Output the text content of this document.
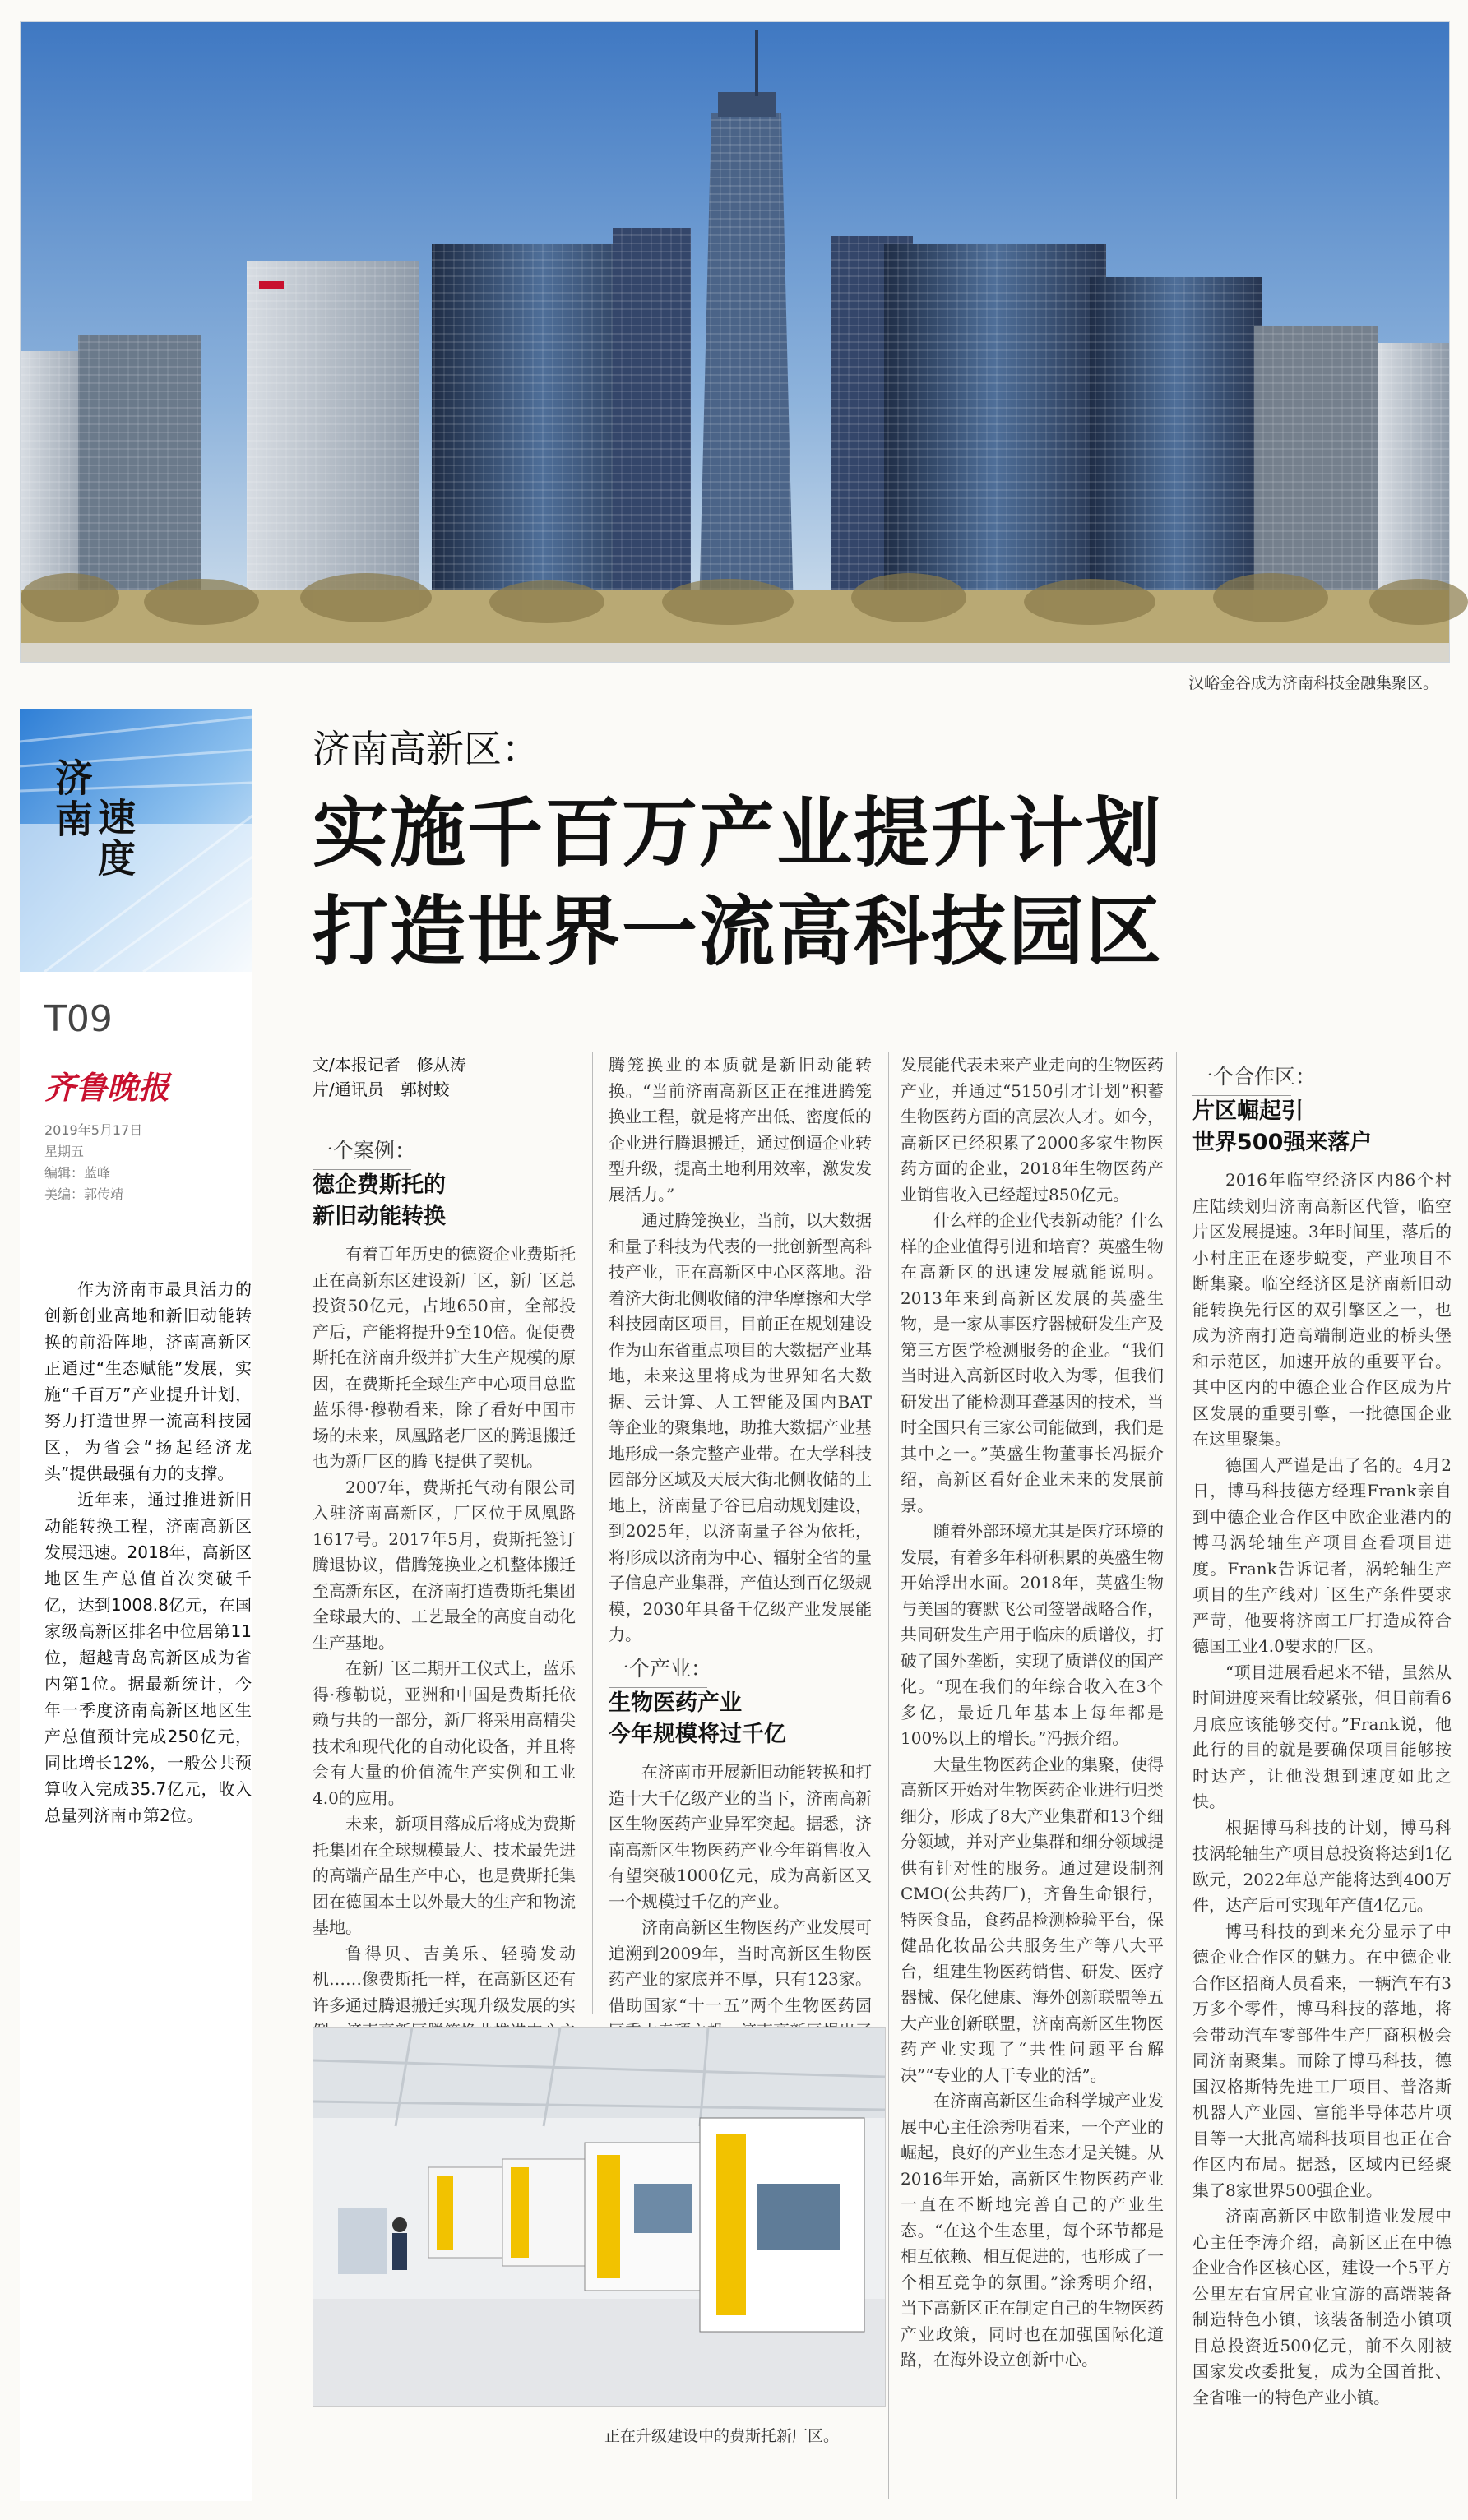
汉峪金谷成为济南科技金融集聚区。
济南
速度
T09
齐鲁晚报
2019年5月17日
星期五
编辑：蓝峰
美编：郭传靖

作为济南市最具活力的创新创业高地和新旧动能转换的前沿阵地，济南高新区正通过“生态赋能”发展，实施“千百万”产业提升计划，努力打造世界一流高科技园区，为省会“扬起经济龙头”提供最强有力的支撑。

近年来，通过推进新旧动能转换工程，济南高新区发展迅速。2018年，高新区地区生产总值首次突破千亿，达到1008.8亿元，在国家级高新区排名中位居第11位，超越青岛高新区成为省内第1位。据最新统计，今年一季度济南高新区地区生产总值预计完成250亿元，同比增长12%，一般公共预算收入完成35.7亿元，收入总量列济南市第2位。

济南高新区：
实施千百万产业提升计划
打造世界一流高科技园区
文/本报记者　修从涛
片/通讯员　郭树蛟
一个案例：
德企费斯托的
新旧动能转换

有着百年历史的德资企业费斯托正在高新东区建设新厂区，新厂区总投资50亿元，占地650亩，全部投产后，产能将提升9至10倍。促使费斯托在济南升级并扩大生产规模的原因，在费斯托全球生产中心项目总监蓝乐得·穆勒看来，除了看好中国市场的未来，凤凰路老厂区的腾退搬迁也为新厂区的腾飞提供了契机。

2007年，费斯托气动有限公司入驻济南高新区，厂区位于凤凰路1617号。2017年5月，费斯托签订腾退协议，借腾笼换业之机整体搬迁至高新东区，在济南打造费斯托集团全球最大的、工艺最全的高度自动化生产基地。

在新厂区二期开工仪式上，蓝乐得·穆勒说，亚洲和中国是费斯托依赖与共的一部分，新厂将采用高精尖技术和现代化的自动化设备，并且将会有大量的价值流生产实例和工业4.0的应用。

未来，新项目落成后将成为费斯托集团在全球规模最大、技术最先进的高端产品生产中心，也是费斯托集团在德国本土以外最大的生产和物流基地。

鲁得贝、吉美乐、轻骑发动机……像费斯托一样，在高新区还有许多通过腾退搬迁实现升级发展的实

腾笼换业的本质就是新旧动能转换。“当前济南高新区正在推进腾笼换业工程，就是将产出低、密度低的企业进行腾退搬迁，通过倒逼企业转型升级，提高土地利用效率，激发发展活力。”

通过腾笼换业，当前，以大数据和量子科技为代表的一批创新型高科技产业，正在高新区中心区落地。沿着济大街北侧收储的津华摩擦和大学科技园南区项目，目前正在规划建设作为山东省重点项目的大数据产业基地，未来这里将成为世界知名大数据、云计算、人工智能及国内BAT等企业的聚集地，助推大数据产业基地形成一条完整产业带。在大学科技园部分区域及天辰大街北侧收储的土地上，济南量子谷已启动规划建设，到2025年，以济南量子谷为依托，将形成以济南为中心、辐射全省的量子信息产业集群，产值达到百亿级规模，2030年具备千亿级产业发展能力。

一个产业：
生物医药产业
今年规模将过千亿

在济南市开展新旧动能转换和打造十大千亿级产业的当下，济南高新区生物医药产业异军突起。据悉，济南高新区生物医药产业今年销售收入有望突破1000亿元，成为高新区又一个规模过千亿的产业。

济南高新区生物医药产业发展可追溯到2009年，当时高新区生物医药产业的家底并不厚，只有123家。借助国家“十一五”两个生物医药园

发展能代表未来产业走向的生物医药产业，并通过“5150引才计划”积蓄生物医药方面的高层次人才。如今，高新区已经积累了2000多家生物医药方面的企业，2018年生物医药产业销售收入已经超过850亿元。

什么样的企业代表新动能？什么样的企业值得引进和培育？英盛生物在高新区的迅速发展就能说明。2013年来到高新区发展的英盛生物，是一家从事医疗器械研发生产及第三方医学检测服务的企业。“我们当时进入高新区时收入为零，但我们研发出了能检测耳聋基因的技术，当时全国只有三家公司能做到，我们是其中之一。”英盛生物董事长冯振介绍，高新区看好企业未来的发展前景。

随着外部环境尤其是医疗环境的发展，有着多年科研积累的英盛生物开始浮出水面。2018年，英盛生物与美国的赛默飞公司签署战略合作，共同研发生产用于临床的质谱仪，打破了国外垄断，实现了质谱仪的国产化。“现在我们的年综合收入在3个多亿，最近几年基本上每年都是100%以上的增长。”冯振介绍。

大量生物医药企业的集聚，使得高新区开始对生物医药企业进行归类细分，形成了8大产业集群和13个细分领域，并对产业集群和细分领域提供有针对性的服务。通过建设制剂CMO(公共药厂)，齐鲁生命银行，特医食品，食药品检测检验平台，保健品化妆品公共服务生产等八大平台，组建生物医药销售、研发、医疗器械、保化健康、海外创新联盟等五大产业创新联盟，济南高新区生物医药产业实现了“共性问题平台解决”“专业的人干专业的活”。

在济南高新区生命科学城产业发展中心主任涂秀明看来，一个产业的崛起，良好的产业生态才是关键。从2016年开始，高新区生物医药产业一直在不断地完善自己的产业生态。“在这个生态里，每个环节都是相互依赖、相互促进的，也形成了一个相互竞争的氛围。”涂秀明介绍，当下高新区正在制定自己的生物医药产业政策，同时也在加强国际化道路，在海外设立创新中心。

一个合作区：
片区崛起引
世界500强来落户

2016年临空经济区内86个村庄陆续划归济南高新区代管，临空片区发展提速。3年时间里，落后的小村庄正在逐步蜕变，产业项目不断集聚。临空经济区是济南新旧动能转换先行区的双引擎区之一，也成为济南打造高端制造业的桥头堡和示范区，加速开放的重要平台。其中区内的中德企业合作区成为片区发展的重要引擎，一批德国企业在这里聚集。

德国人严谨是出了名的。4月2日，博马科技德方经理Frank亲自到中德企业合作区中欧企业港内的博马涡轮轴生产项目查看项目进度。Frank告诉记者，涡轮轴生产项目的生产线对厂区生产条件要求严苛，他要将济南工厂打造成符合德国工业4.0要求的厂区。

“项目进展看起来不错，虽然从时间进度来看比较紧张，但目前看6月底应该能够交付。”Frank说，他此行的目的就是要确保项目能够按时达产，让他没想到速度如此之快。

根据博马科技的计划，博马科技涡轮轴生产项目总投资将达到1亿欧元，2022年总产能将达到400万件，达产后可实现年产值4亿元。

博马科技的到来充分显示了中德企业合作区的魅力。在中德企业合作区招商人员看来，一辆汽车有3万多个零件，博马科技的落地，将会带动汽车零部件生产厂商积极会同济南聚集。而除了博马科技，德国汉格斯特先进工厂项目、普洛斯机器人产业园、富能半导体芯片项目等一大批高端科技项目也正在合作区内布局。据悉，区域内已经聚集了8家世界500强企业。

济南高新区中欧制造业发展中心主任李涛介绍，高新区正在中德企业合作区核心区，建设一个5平方公里左右宜居宜业宜游的高端装备制造特色小镇，该装备制造小镇项目总投资近500亿元，前不久刚被国家发改委批复，成为全国首批、全省唯一的特色产业小镇。

正在升级建设中的费斯托新厂区。
